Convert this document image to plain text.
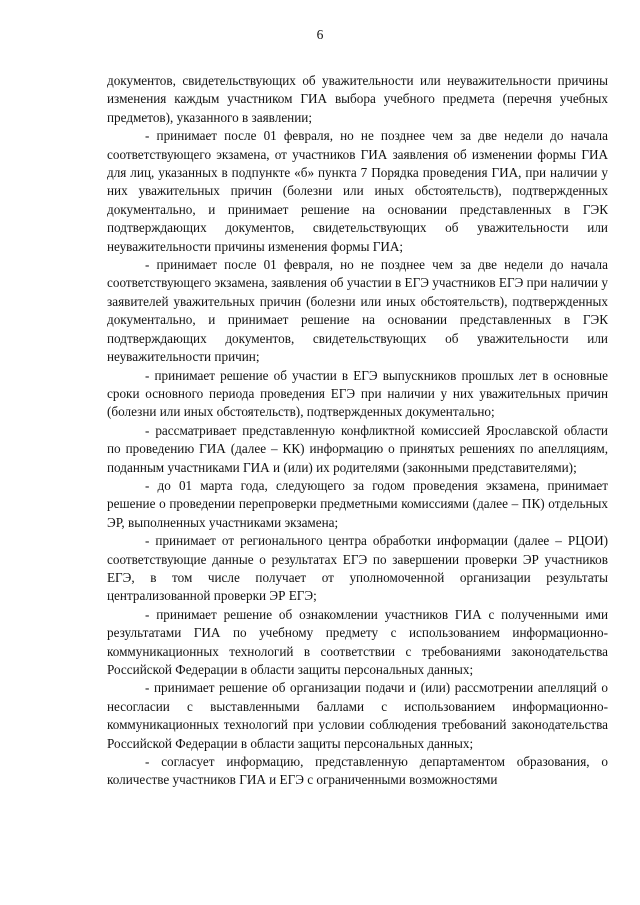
6

документов, свидетельствующих об уважительности или неуважительности причины изменения каждым участником ГИА выбора учебного предмета (перечня учебных предметов), указанного в заявлении;

- принимает после 01 февраля, но не позднее чем за две недели до начала соответствующего экзамена, от участников ГИА заявления об изменении формы ГИА для лиц, указанных в подпункте «б» пункта 7 Порядка проведения ГИА, при наличии у них уважительных причин (болезни или иных обстоятельств), подтвержденных документально, и принимает решение на основании представленных в ГЭК подтверждающих документов, свидетельствующих об уважительности или неуважительности причины изменения формы ГИА;

- принимает после 01 февраля, но не позднее чем за две недели до начала соответствующего экзамена, заявления об участии в ЕГЭ участников ЕГЭ при наличии у заявителей уважительных причин (болезни или иных обстоятельств), подтвержденных документально, и принимает решение на основании представленных в ГЭК подтверждающих документов, свидетельствующих об уважительности или неуважительности причин;

- принимает решение об участии в ЕГЭ выпускников прошлых лет в основные сроки основного периода проведения ЕГЭ при наличии у них уважительных причин (болезни или иных обстоятельств), подтвержденных документально;

- рассматривает представленную конфликтной комиссией Ярославской области по проведению ГИА (далее – КК) информацию о принятых решениях по апелляциям, поданным участниками ГИА и (или) их родителями (законными представителями);

- до 01 марта года, следующего за годом проведения экзамена, принимает решение о проведении перепроверки предметными комиссиями (далее – ПК) отдельных ЭР, выполненных участниками экзамена;

- принимает от регионального центра обработки информации (далее – РЦОИ) соответствующие данные о результатах ЕГЭ по завершении проверки ЭР участников ЕГЭ, в том числе получает от уполномоченной организации результаты централизованной проверки ЭР ЕГЭ;

- принимает решение об ознакомлении участников ГИА с полученными ими результатами ГИА по учебному предмету с использованием информационно-коммуникационных технологий в соответствии с требованиями законодательства Российской Федерации в области защиты персональных данных;

- принимает решение об организации подачи и (или) рассмотрении апелляций о несогласии с выставленными баллами с использованием информационно-коммуникационных технологий при условии соблюдения требований законодательства Российской Федерации в области защиты персональных данных;

- согласует информацию, представленную департаментом образования, о количестве участников ГИА и ЕГЭ с ограниченными возможностями
